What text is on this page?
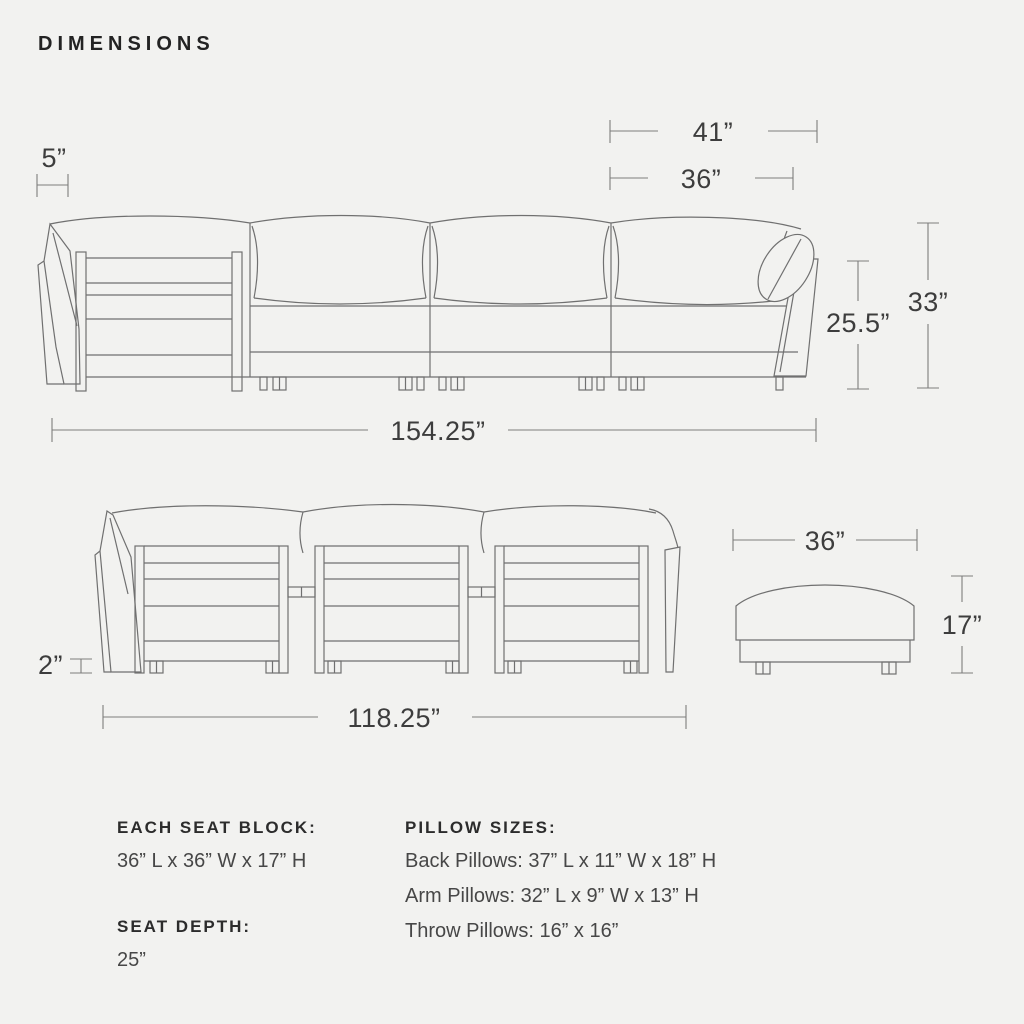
DIMENSIONS
5”
41”
36”
25.5”
33”
154.25”
2”
118.25”
36”
17”
EACH SEAT BLOCK:
36” L x 36” W x 17” H
SEAT DEPTH:
25”
PILLOW SIZES:
Back Pillows: 37” L x 11” W x 18” H
Arm Pillows: 32” L x 9” W x 13” H
Throw Pillows: 16” x 16”
